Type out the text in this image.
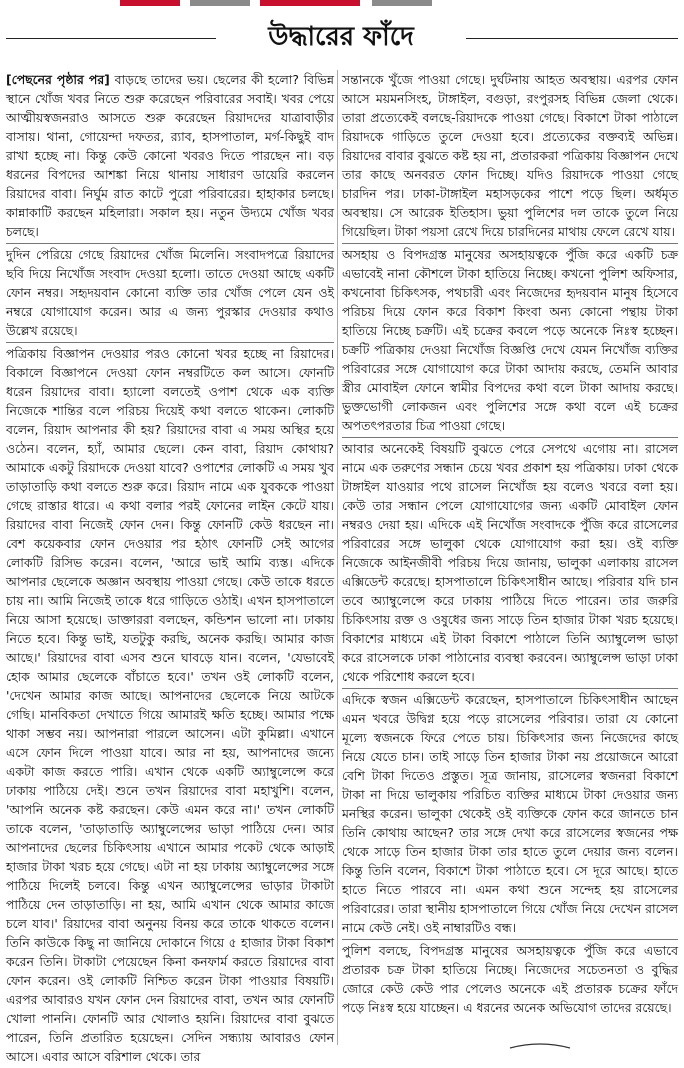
উদ্ধারের ফাঁদে

[পেছনের পৃষ্ঠার পর] বাড়ছে তাদের ভয়। ছেলের কী হলো? বিভিন্ন স্থানে খোঁজ খবর নিতে শুরু করেছেন পরিবারের সবাই। খবর পেয়ে আত্মীয়স্বজনরাও আসতে শুরু করেছেন রিয়াদদের যাত্রাবাড়ীর বাসায়। থানা, গোয়েন্দা দফতর, র‌্যাব, হাসপাতাল, মর্গ-কিছুই বাদ রাখা হচ্ছে না। কিন্তু কেউ কোনো খবরও দিতে পারছেন না। বড় ধরনের বিপদের আশঙ্কা নিয়ে থানায় সাধারণ ডায়েরি করলেন রিয়াদের বাবা। নির্ঘুম রাত কাটে পুরো পরিবারের। হাহাকার চলছে। কান্নাকাটি করছেন মহিলারা। সকাল হয়। নতুন উদ্যমে খোঁজ খবর চলছে।

দুদিন পেরিয়ে গেছে রিয়াদের খোঁজ মিলেনি। সংবাদপত্রে রিয়াদের ছবি দিয়ে নিখোঁজ সংবাদ দেওয়া হলো। তাতে দেওয়া আছে একটি ফোন নম্বর। সহৃদয়বান কোনো ব্যক্তি তার খোঁজ পেলে যেন ওই নম্বরে যোগাযোগ করেন। আর এ জন্য পুরস্কার দেওয়ার কথাও উল্লেখ রয়েছে।

পত্রিকায় বিজ্ঞাপন দেওয়ার পরও কোনো খবর হচ্ছে না রিয়াদের। বিকালে বিজ্ঞাপনে দেওয়া ফোন নম্বরটিতে কল আসে। ফোনটি ধরেন রিয়াদের বাবা। হ্যালো বলতেই ওপাশ থেকে এক ব্যক্তি নিজেকে শান্তির বলে পরিচয় দিয়েই কথা বলতে থাকেন। লোকটি বলেন, রিয়াদ আপনার কী হয়? রিয়াদের বাবা এ সময় অস্থির হয়ে ওঠেন। বলেন, হ্যাঁ, আমার ছেলে। কেন বাবা, রিয়াদ কোথায়? আমাকে একটু রিয়াদকে দেওয়া যাবে? ওপাশের লোকটি এ সময় খুব তাড়াতাড়ি কথা বলতে শুরু করে। রিয়াদ নামে এক যুবককে পাওয়া গেছে রাস্তার ধারে। এ কথা বলার পরই ফোনের লাইন কেটে যায়। রিয়াদের বাবা নিজেই ফোন দেন। কিন্তু ফোনটি কেউ ধরছেন না। বেশ কয়েকবার ফোন দেওয়ার পর হঠাৎ ফোনটি সেই আগের লোকটি রিসিভ করেন। বলেন, 'আরে ভাই আমি ব্যস্ত। এদিকে আপনার ছেলেকে অজ্ঞান অবস্থায় পাওয়া গেছে। কেউ তাকে ধরতে চায় না। আমি নিজেই তাকে ধরে গাড়িতে ওঠাই। এখন হাসপাতালে নিয়ে আসা হয়েছে। ডাক্তাররা বলছেন, কন্ডিশন ভালো না। ঢাকায় নিতে হবে। কিন্তু ভাই, যতটুকু করছি, অনেক করছি। আমার কাজ আছে।' রিয়াদের বাবা এসব শুনে ঘাবড়ে যান। বলেন, 'যেভাবেই হোক আমার ছেলেকে বাঁচাতে হবে।' তখন ওই লোকটি বলেন, 'দেখেন আমার কাজ আছে। আপনাদের ছেলেকে নিয়ে আটকে গেছি। মানবিকতা দেখাতে গিয়ে আমারই ক্ষতি হচ্ছে। আমার পক্ষে থাকা সম্ভব নয়। আপনারা পারলে আসেন। এটা কুমিল্লা। এখানে এসে ফোন দিলে পাওয়া যাবে। আর না হয়, আপনাদের জন্যে একটা কাজ করতে পারি। এখান থেকে একটি অ্যাম্বুলেন্সে করে ঢাকায় পাঠিয়ে দেই। শুনে তখন রিয়াদের বাবা মহাখুশি। বলেন, 'আপনি অনেক কষ্ট করছেন। কেউ এমন করে না।' তখন লোকটি তাকে বলেন, 'তাড়াতাড়ি অ্যাম্বুলেন্সের ভাড়া পাঠিয়ে দেন। আর আপনাদের ছেলের চিকিৎসায় এখানে আমার পকেট থেকে আড়াই হাজার টাকা খরচ হয়ে গেছে। এটা না হয় ঢাকায় অ্যাম্বুলেন্সের সঙ্গে পাঠিয়ে দিলেই চলবে। কিন্তু এখন অ্যাম্বুলেন্সের ভাড়ার টাকাটা পাঠিয়ে দেন তাড়াতাড়ি। না হয়, আমি এখান থেকে আমার কাজে চলে যাব।' রিয়াদের বাবা অনুনয় বিনয় করে তাকে থাকতে বলেন। তিনি কাউকে কিছু না জানিয়ে দোকানে গিয়ে ৫ হাজার টাকা বিকাশ করেন তিনি। টাকাটা পেয়েছেন কিনা কনফার্ম করতে রিয়াদের বাবা ফোন করেন। ওই লোকটি নিশ্চিত করেন টাকা পাওয়ার বিষয়টি। এরপর আবারও যখন ফোন দেন রিয়াদের বাবা, তখন আর ফোনটি খোলা পাননি। ফোনটি আর খোলাও হয়নি। রিয়াদের বাবা বুঝতে পারেন, তিনি প্রতারিত হয়েছেন। সেদিন সন্ধ্যায় আবারও ফোন আসে। এবার আসে বরিশাল থেকে। তার

সন্তানকে খুঁজে পাওয়া গেছে। দুর্ঘটনায় আহত অবস্থায়। এরপর ফোন আসে ময়মনসিংহ, টাঙ্গাইল, বগুড়া, রংপুরসহ বিভিন্ন জেলা থেকে। তারা প্রত্যেকেই বলছে-রিয়াদকে পাওয়া গেছে। বিকাশে টাকা পাঠালে রিয়াদকে গাড়িতে তুলে দেওয়া হবে। প্রত্যেকের বক্তব্যই অভিন্ন। রিয়াদের বাবার বুঝতে কষ্ট হয় না, প্রতারকরা পত্রিকায় বিজ্ঞাপন দেখে তার কাছে অনবরত ফোন দিচ্ছে। যদিও রিয়াদকে পাওয়া গেছে চারদিন পর। ঢাকা-টাঙ্গাইল মহাসড়কের পাশে পড়ে ছিল। অর্ধমৃত অবস্থায়। সে আরেক ইতিহাস। ভুয়া পুলিশের দল তাকে তুলে নিয়ে গিয়েছিল। টাকা পয়সা রেখে দিয়ে চারদিনের মাথায় ফেলে রেখে যায়।

অসহায় ও বিপদগ্রস্ত মানুষের অসহায়ত্বকে পুঁজি করে একটি চক্র এভাবেই নানা কৌশলে টাকা হাতিয়ে নিচ্ছে। কখনো পুলিশ অফিসার, কখনোবা চিকিৎসক, পথচারী এবং নিজেদের হৃদয়বান মানুষ হিসেবে পরিচয় দিয়ে ফোন করে বিকাশ কিংবা অন্য কোনো পন্থায় টাকা হাতিয়ে নিচ্ছে চক্রটি। এই চক্রের কবলে পড়ে অনেকে নিঃস্ব হচ্ছেন। চক্রটি পত্রিকায় দেওয়া নিখোঁজ বিজ্ঞপ্তি দেখে যেমন নিখোঁজ ব্যক্তির পরিবারের সঙ্গে যোগাযোগ করে টাকা আদায় করছে, তেমনি আবার স্ত্রীর মোবাইল ফোনে স্বামীর বিপদের কথা বলে টাকা আদায় করছে। ভুক্তভোগী লোকজন এবং পুলিশের সঙ্গে কথা বলে এই চক্রের অপতৎপরতার চিত্র পাওয়া গেছে।

আবার অনেকেই বিষয়টি বুঝতে পেরে সেপথে এগোয় না। রাসেল নামে এক তরুণের সন্ধান চেয়ে খবর প্রকাশ হয় পত্রিকায়। ঢাকা থেকে টাঙ্গাইল যাওয়ার পথে রাসেল নিখোঁজ হয় বলেও খবরে বলা হয়। কেউ তার সন্ধান পেলে যোগাযোগের জন্য একটি মোবাইল ফোন নম্বরও দেয়া হয়। এদিকে এই নিখোঁজ সংবাদকে পুঁজি করে রাসেলের পরিবারের সঙ্গে ভালুকা থেকে যোগাযোগ করা হয়। ওই ব্যক্তি নিজেকে আইনজীবী পরিচয় দিয়ে জানায়, ভালুকা এলাকায় রাসেল এক্সিডেন্ট করেছে। হাসপাতালে চিকিৎসাধীন আছে। পরিবার যদি চান তবে অ্যাম্বুলেন্সে করে ঢাকায় পাঠিয়ে দিতে পারেন। তার জরুরি চিকিৎসায় রক্ত ও ওষুধের জন্য সাড়ে তিন হাজার টাকা খরচ হয়েছে। বিকাশের মাধ্যমে এই টাকা বিকাশে পাঠালে তিনি অ্যাম্বুলেন্স ভাড়া করে রাসেলকে ঢাকা পাঠানোর ব্যবস্থা করবেন। অ্যাম্বুলেন্স ভাড়া ঢাকা থেকে পরিশোধ করলে হবে।

এদিকে স্বজন এক্সিডেন্ট করেছেন, হাসপাতালে চিকিৎসাধীন আছেন এমন খবরে উদ্বিগ্ন হয়ে পড়ে রাসেলের পরিবার। তারা যে কোনো মূল্যে স্বজনকে ফিরে পেতে চায়। চিকিৎসার জন্য নিজেদের কাছে নিয়ে যেতে চান। তাই সাড়ে তিন হাজার টাকা নয় প্রয়োজনে আরো বেশি টাকা দিতেও প্রস্তুত। সূত্র জানায়, রাসেলের স্বজনরা বিকাশে টাকা না দিয়ে ভালুকায় পরিচিত ব্যক্তির মাধ্যমে টাকা দেওয়ার জন্য মনস্থির করেন। ভালুকা থেকেই ওই ব্যক্তিকে ফোন করে জানতে চান তিনি কোথায় আছেন? তার সঙ্গে দেখা করে রাসেলের স্বজনের পক্ষ থেকে সাড়ে তিন হাজার টাকা তার হাতে তুলে দেয়ার জন্য বলেন। কিন্তু তিনি বলেন, বিকাশে টাকা পাঠাতে হবে। সে দূরে আছে। হাতে হাতে নিতে পারবে না। এমন কথা শুনে সন্দেহ হয় রাসেলের পরিবারের। তারা স্থানীয় হাসপাতালে গিয়ে খোঁজ নিয়ে দেখেন রাসেল নামে কেউ নেই। ওই নাম্বারটিও বন্ধ।

পুলিশ বলছে, বিপদগ্রস্ত মানুষের অসহায়ত্বকে পুঁজি করে এভাবে প্রতারক চক্র টাকা হাতিয়ে নিচ্ছে। নিজেদের সচেতনতা ও বুদ্ধির জোরে কেউ কেউ পার পেলেও অনেকে এই প্রতারক চক্রের ফাঁদে পড়ে নিঃস্ব হয়ে যাচ্ছেন। এ ধরনের অনেক অভিযোগ তাদের রয়েছে।
